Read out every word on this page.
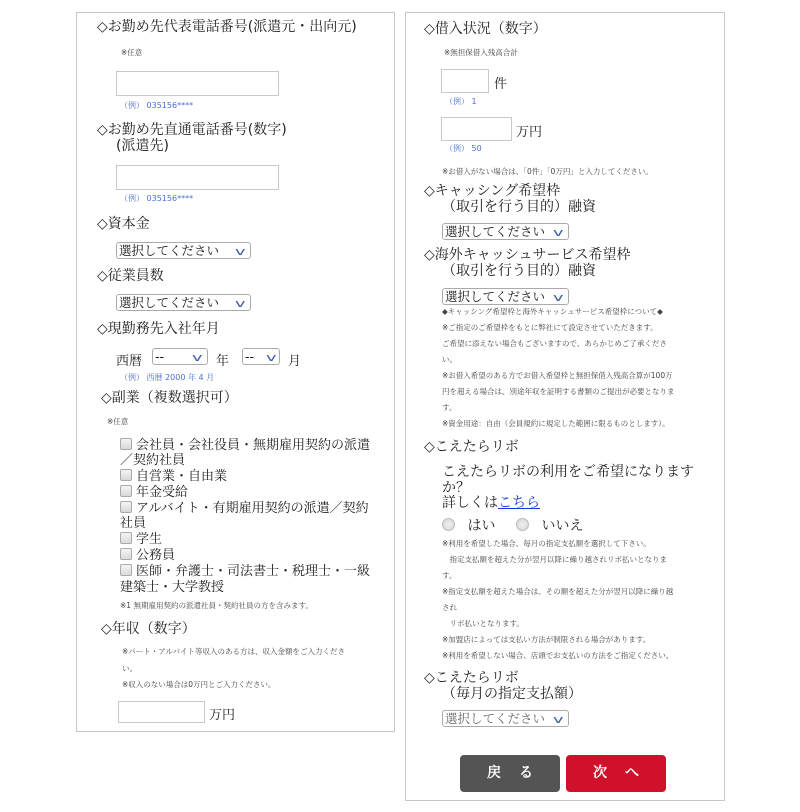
◇お勤め先代表電話番号(派遣元・出向元)
※任意
（例） 035156****
◇お勤め先直通電話番号(数字)
(派遣先)
（例） 035156****
◇資本金
選択してください v
◇従業員数
選択してください v
◇現勤務先入社年月
西暦 --	v 年 -- v 月
（例） 西暦 2000 年 4 月
◇副業（複数選択可）
※任意
会社員・会社役員・無期雇用契約の派遣
／契約社員
自営業・自由業
年金受給
アルバイト・有期雇用契約の派遣／契約
社員
学生
公務員
医師・弁護士・司法書士・税理士・一級
建築士・大学教授
※1 無期雇用契約の派遣社員・契約社員の方を含みます。
◇年収（数字）
※パート・アルバイト等収入のある方は、収入金額をご入力くださ
い。
※収入のない場合は0万円とご入力ください。
万円
◇借入状況（数字）
※無担保借入残高合計
件
（例） 1
万円
（例） 50
※お借入がない場合は、「0件」「0万円」と入力してください。
◇キャッシング希望枠
（取引を行う目的）融資
選択してください v
◇海外キャッシュサービス希望枠
（取引を行う目的）融資
選択してください v
◆キャッシング希望枠と海外キャッシュサービス希望枠について◆
※ご指定のご希望枠をもとに弊社にて設定させていただきます。
ご希望に添えない場合もございますので、あらかじめご了承くださ
い。
※お借入希望のある方でお借入希望枠と無担保借入残高合算が100万
円を超える場合は、別途年収を証明する書類のご提出が必要となりま
す。
※資金用途：自由（会員規約に規定した範囲に限るものとします）。
◇こえたらリボ
こえたらリボの利用をご希望になります
か？
詳しくはこちら
はい	いいえ
※利用を希望した場合、毎月の指定支払額を選択して下さい。
　指定支払額を超えた分が翌月以降に繰り越されリボ払いとなりま
す。
※指定支払額を超えた場合は、その額を超えた分が翌月以降に繰り越
され
　リボ払いとなります。
※加盟店によっては支払い方法が制限される場合があります。
※利用を希望しない場合、店頭でお支払いの方法をご指定ください。
◇こえたらリボ
（毎月の指定支払額）
選択してください v
戻る	次へ
